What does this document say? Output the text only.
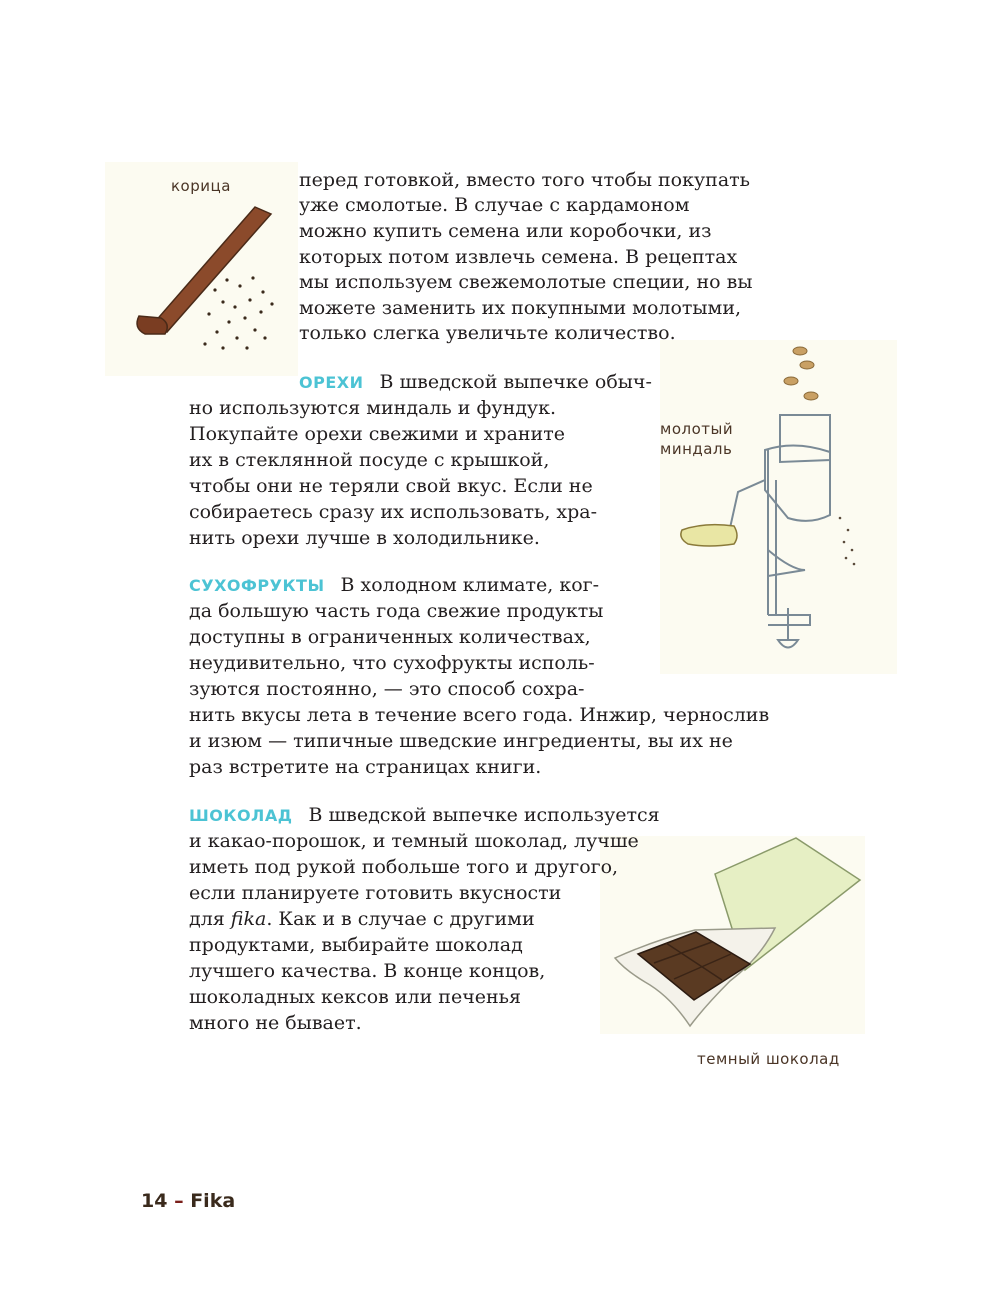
корица
молотый
миндаль
темный шоколад
перед готовкой, вместо того чтобы покупать
уже смолотые. В случае с кардамоном
можно купить семена или коробочки, из
которых потом извлечь семена. В рецептах
мы используем свежемолотые специи, но вы
можете заменить их покупными молотыми,
только слегка увеличьте количество.
ОРЕХИ В шведской выпечке обыч-
но используются миндаль и фундук.
Покупайте орехи свежими и храните
их в стеклянной посуде с крышкой,
чтобы они не теряли свой вкус. Если не
собираетесь сразу их использовать, хра-
нить орехи лучше в холодильнике.
СУХОФРУКТЫ В холодном климате, ког-
да большую часть года свежие продукты
доступны в ограниченных количествах,
неудивительно, что сухофрукты исполь-
зуются постоянно, — это способ сохра-
нить вкусы лета в течение всего года. Инжир, чернослив
и изюм — типичные шведские ингредиенты, вы их не
раз встретите на страницах книги.
ШОКОЛАД В шведской выпечке используется
и какао-порошок, и темный шоколад, лучше
иметь под рукой побольше того и другого,
если планируете готовить вкусности
для fika. Как и в случае с другими
продуктами, выбирайте шоколад
лучшего качества. В конце концов,
шоколадных кексов или печенья
много не бывает.
14 – Fika
